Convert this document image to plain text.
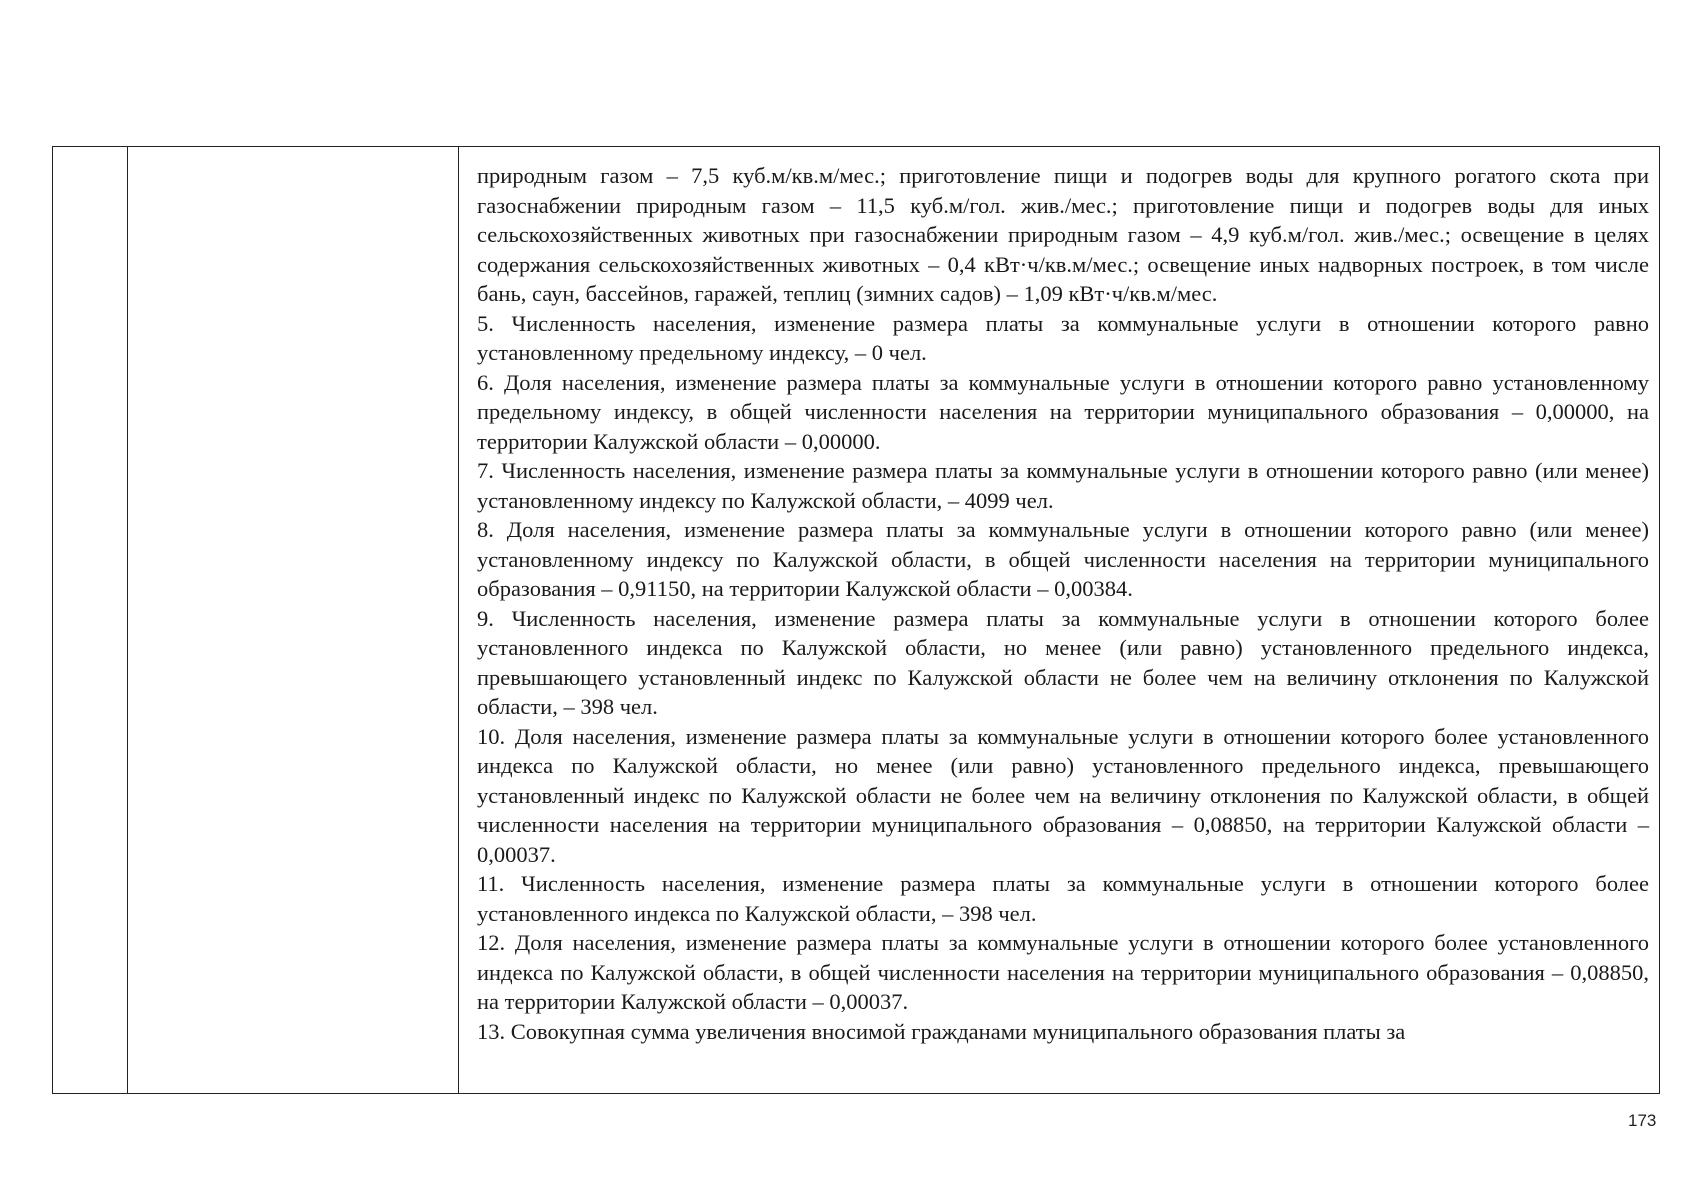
природным газом – 7,5 куб.м/кв.м/мес.; приготовление пищи и подогрев воды для крупного рогатого скота при газоснабжении природным газом – 11,5 куб.м/гол. жив./мес.; приготовление пищи и подогрев воды для иных сельскохозяйственных животных при газоснабжении природным газом – 4,9 куб.м/гол. жив./мес.; освещение в целях содержания сельскохозяйственных животных – 0,4 кВт·ч/кв.м/мес.; освещение иных надворных построек, в том числе бань, саун, бассейнов, гаражей, теплиц (зимних садов) – 1,09 кВт·ч/кв.м/мес.

5. Численность населения, изменение размера платы за коммунальные услуги в отношении которого равно установленному предельному индексу, – 0 чел.

6. Доля населения, изменение размера платы за коммунальные услуги в отношении которого равно установленному предельному индексу, в общей численности населения на территории муниципального образования – 0,00000, на территории Калужской области – 0,00000.

7. Численность населения, изменение размера платы за коммунальные услуги в отношении которого равно (или менее) установленному индексу по Калужской области, – 4099 чел.

8. Доля населения, изменение размера платы за коммунальные услуги в отношении которого равно (или менее) установленному индексу по Калужской области, в общей численности населения на территории муниципального образования – 0,91150, на территории Калужской области – 0,00384.

9. Численность населения, изменение размера платы за коммунальные услуги в отношении которого более установленного индекса по Калужской области, но менее (или равно) установленного предельного индекса, превышающего установленный индекс по Калужской области не более чем на величину отклонения по Калужской области, – 398 чел.

10. Доля населения, изменение размера платы за коммунальные услуги в отношении которого более установленного индекса по Калужской области, но менее (или равно) установленного предельного индекса, превышающего установленный индекс по Калужской области не более чем на величину отклонения по Калужской области, в общей численности населения на территории муниципального образования – 0,08850, на территории Калужской области – 0,00037.

11. Численность населения, изменение размера платы за коммунальные услуги в отношении которого более установленного индекса по Калужской области, – 398 чел.

12. Доля населения, изменение размера платы за коммунальные услуги в отношении которого более установленного индекса по Калужской области, в общей численности населения на территории муниципального образования – 0,08850, на территории Калужской области – 0,00037.

13. Совокупная сумма увеличения вносимой гражданами муниципального образования платы за

173
